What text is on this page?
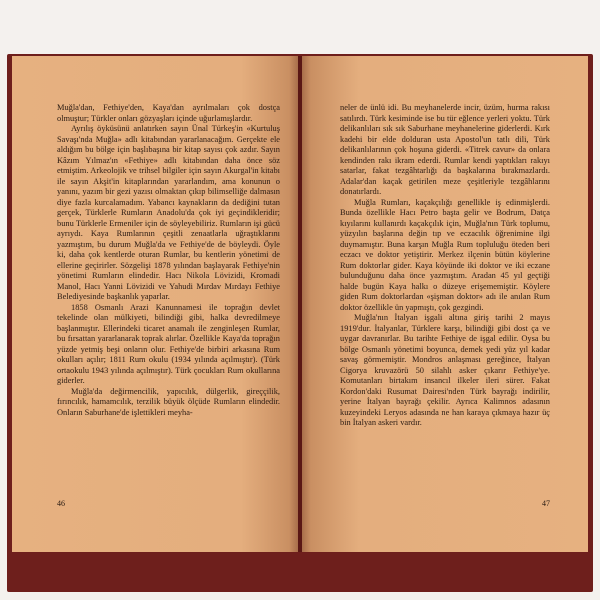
Muğla'dan, Fethiye'den, Kaya'dan ayrılmaları çok dostça olmuştur; Türkler onları gözyaşları içinde uğurlamışlardır.

Ayrılış öyküsünü anlatırken sayın Ünal Türkeş'in «Kurtuluş Savaşı'nda Muğla» adlı kitabından yararlanacağım. Gerçekte ele aldığım bu bölge için başlıbaşına bir kitap sayısı çok azdır. Sayın Kâzım Yılmaz'ın «Fethiye» adlı kitabından daha önce söz etmiştim. Arkeolojik ve trihsel bilgiler için sayın Akurgal'in kitabı ile sayın Akşit'in kitaplarından yararlandım, ama konunun o yanını, yazım bir gezi yazısı olmaktan çıkıp bilimselliğe dalmasın diye fazla kurcalamadım. Yabancı kaynakların da dediğini tutan gerçek, Türklerle Rumların Anadolu'da çok iyi geçindikleridir; bunu Türklerle Ermeniler için de söyleyebiliriz. Rumların işi gücü ayrıydı. Kaya Rumlarının çeşitli zenaatlarla uğraştıklarını yazmıştım, bu durum Muğla'da ve Fethiye'de de böyleydi. Öyle ki, daha çok kentlerde oturan Rumlar, bu kentlerin yönetimi de ellerine geçirirler. Sözgelişi 1878 yılından başlayarak Fethiye'nin yönetimi Rumların elindedir. Hacı Nikola Lövizidi, Kromadi Manol, Hacı Yanni Lövizidi ve Yahudi Mırdav Mırdayı Fethiye Belediyesinde başkanlık yaparlar.

1858 Osmanlı Arazi Kanunnamesi ile toprağın devlet tekelinde olan mülkiyeti, bilindiği gibi, halka devredilmeye başlanmıştır. Ellerindeki ticaret anamalı ile zenginleşen Rumlar, bu fırsattan yararlanarak toprak alırlar. Özellikle Kaya'da toprağın yüzde yetmiş beşi onların olur. Fethiye'de birbiri arkasına Rum okulları açılır; 1811 Rum okulu (1934 yılında açılmıştır). (Türk ortaokulu 1943 yılında açılmıştır). Türk çocukları Rum okullarına giderler.

Muğla'da değirmencilik, yapıcılık, dülgerlik, gireççilik, fırıncılık, hamamcılık, terzilik büyük ölçüde Rumların elindedir. Onların Saburhane'de işlettikleri meyha-

46

neler de ünlü idi. Bu meyhanelerde incir, üzüm, hurma rakısı satılırdı. Türk kesiminde ise bu tür eğlence yerleri yoktu. Türk delikanlıları sık sık Saburhane meyhanelerine giderlerdi. Kırk kadehi bir elde dolduran usta Apostol'un tatlı dili, Türk delikanlılarının çok hoşuna giderdi. «Titrek cavur» da onlara kendinden rakı ikram ederdi. Rumlar kendi yaptıkları rakıyı satarlar, fakat tezgâhtarlığı da başkalarına bırakmazlardı. Adalar'dan kaçak getirilen meze çeşitleriyle tezgâhlarını donatırlardı.

Muğla Rumları, kaçakçılığı genellikle iş edinmişlerdi. Bunda özellikle Hacı Petro başta gelir ve Bodrum, Datça kıyılarını kullanırdı kaçakçılık için, Muğla'nın Türk toplumu, yüzyılın başlarına değin tıp ve eczacılık öğrenimine ilgi duymamıştır. Buna karşın Muğla Rum topluluğu öteden beri eczacı ve doktor yetiştirir. Merkez ilçenin bütün köylerine Rum doktorlar gider. Kaya köyünde iki doktor ve iki eczane bulunduğunu daha önce yazmıştım. Aradan 45 yıl geçtiği halde bugün Kaya halkı o düzeye erişememiştir. Köylere giden Rum doktorlardan «şişman doktor» adı ile anılan Rum doktor özellikle ün yapmıştı, çok gezgindi.

Muğla'nın İtalyan işgali altına giriş tarihi 2 mayıs 1919'dur. İtalyanlar, Türklere karşı, bilindiği gibi dost ça ve uygar davranırlar. Bu tarihte Fethiye de işgal edilir. Oysa bu bölge Osmanlı yönetimi boyunca, demek yedi yüz yıl kadar savaş görmemiştir. Mondros anlaşması gereğince, İtalyan Cigorya kruvazörü 50 silahlı asker çıkarır Fethiye'ye. Komutanları birtakım insancıl ilkeler ileri sürer. Fakat Kordon'daki Rusumat Dairesi'nden Türk bayrağı indirilir, yerine İtalyan bayrağı çekilir. Ayrıca Kalimnos adasının kuzeyindeki Leryos adasında ne han karaya çıkmaya hazır üç bin İtalyan askeri vardır.

47
